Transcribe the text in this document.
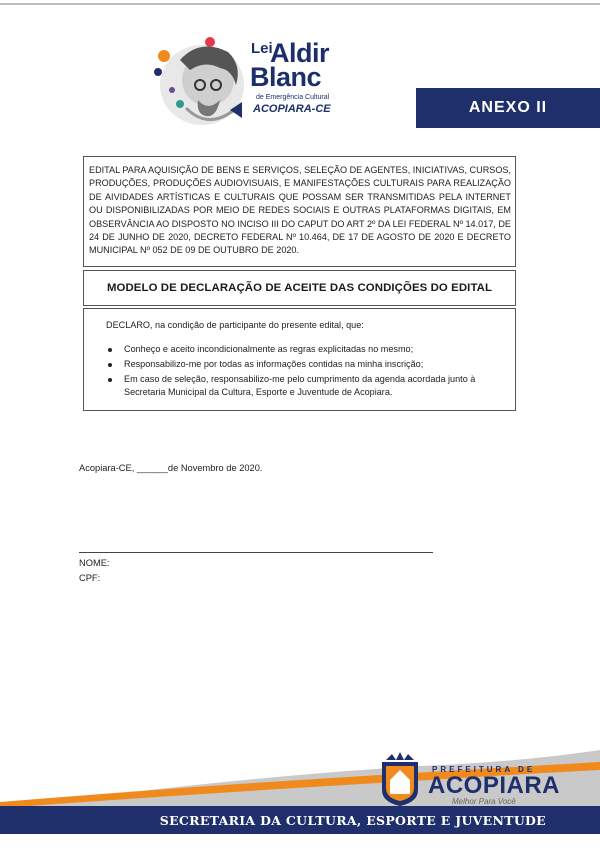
Lei
Aldir
Blanc
de Emergência Cultural
ACOPIARA-CE	ANEXO II
EDITAL PARA AQUISIÇÃO DE BENS E SERVIÇOS, SELEÇÃO DE AGENTES, INICIATIVAS, CURSOS, PRODUÇÕES, PRODUÇÕES AUDIOVISUAIS, E MANIFESTAÇÕES CULTURAIS PARA REALIZAÇÃO DE AIVIDADES ARTÍSTICAS E CULTURAIS QUE POSSAM SER TRANSMITIDAS PELA INTERNET OU DISPONIBILIZADAS POR MEIO DE REDES SOCIAIS E OUTRAS PLATAFORMAS DIGITAIS, EM OBSERVÂNCIA AO DISPOSTO NO INCISO III DO CAPUT DO ART 2º DA LEI FEDERAL Nº 14.017, DE 24 DE JUNHO DE 2020, DECRETO FEDERAL Nº 10.464, DE 17 DE AGOSTO DE 2020 E DECRETO MUNICIPAL Nº 052 DE 09 DE OUTUBRO DE 2020.
MODELO DE DECLARAÇÃO DE ACEITE DAS CONDIÇÕES DO EDITAL

DECLARO, na condição de participante do presente edital, que:

Conheço e aceito incondicionalmente as regras explicitadas no mesmo;
Responsabilizo-me por todas as informações contidas na minha inscrição;
Em caso de seleção, responsabilizo-me pelo cumprimento da agenda acordada junto à Secretaria Municipal da Cultura, Esporte e Juventude de Acopiara.
Acopiara-CE, ______de Novembro de 2020.
NOME:
CPF:
PREFEITURA DE
ACOPIARA
Melhor Para Você
SECRETARIA DA CULTURA, ESPORTE E JUVENTUDE
